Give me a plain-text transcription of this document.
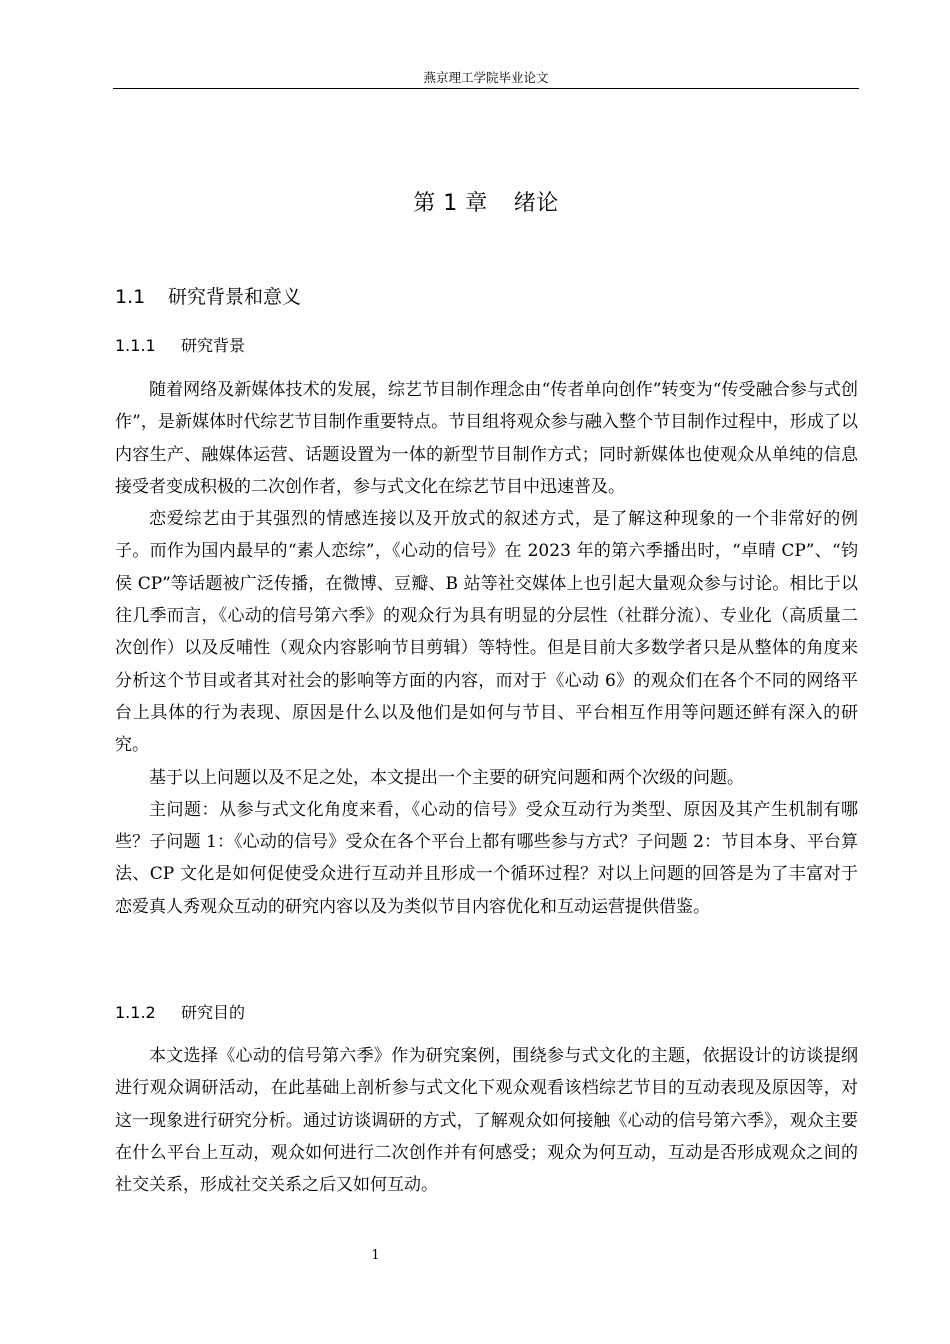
燕京理工学院毕业论文
第 1 章 绪论
1.1 研究背景和意义
1.1.1 研究背景

随着网络及新媒体技术的发展，综艺节目制作理念由“传者单向创作”转变为“传受融合参与式创作”，是新媒体时代综艺节目制作重要特点。节目组将观众参与融入整个节目制作过程中，形成了以内容生产、融媒体运营、话题设置为一体的新型节目制作方式；同时新媒体也使观众从单纯的信息接受者变成积极的二次创作者，参与式文化在综艺节目中迅速普及。

恋爱综艺由于其强烈的情感连接以及开放式的叙述方式，是了解这种现象的一个非常好的例子。而作为国内最早的“素人恋综”，《心动的信号》在 2023 年的第六季播出时，“卓晴 CP”、“钧侯 CP”等话题被广泛传播，在微博、豆瓣、B 站等社交媒体上也引起大量观众参与讨论。相比于以往几季而言，《心动的信号第六季》的观众行为具有明显的分层性（社群分流）、专业化（高质量二次创作）以及反哺性（观众内容影响节目剪辑）等特性。但是目前大多数学者只是从整体的角度来分析这个节目或者其对社会的影响等方面的内容，而对于《心动 6》的观众们在各个不同的网络平台上具体的行为表现、原因是什么以及他们是如何与节目、平台相互作用等问题还鲜有深入的研究。

基于以上问题以及不足之处，本文提出一个主要的研究问题和两个次级的问题。

主问题：从参与式文化角度来看，《心动的信号》受众互动行为类型、原因及其产生机制有哪些？子问题 1：《心动的信号》受众在各个平台上都有哪些参与方式？子问题 2：节目本身、平台算法、CP 文化是如何促使受众进行互动并且形成一个循环过程？对以上问题的回答是为了丰富对于恋爱真人秀观众互动的研究内容以及为类似节目内容优化和互动运营提供借鉴。

1.1.2 研究目的

本文选择《心动的信号第六季》作为研究案例，围绕参与式文化的主题，依据设计的访谈提纲进行观众调研活动，在此基础上剖析参与式文化下观众观看该档综艺节目的互动表现及原因等，对这一现象进行研究分析。通过访谈调研的方式，了解观众如何接触《心动的信号第六季》，观众主要在什么平台上互动，观众如何进行二次创作并有何感受；观众为何互动，互动是否形成观众之间的社交关系，形成社交关系之后又如何互动。

1
